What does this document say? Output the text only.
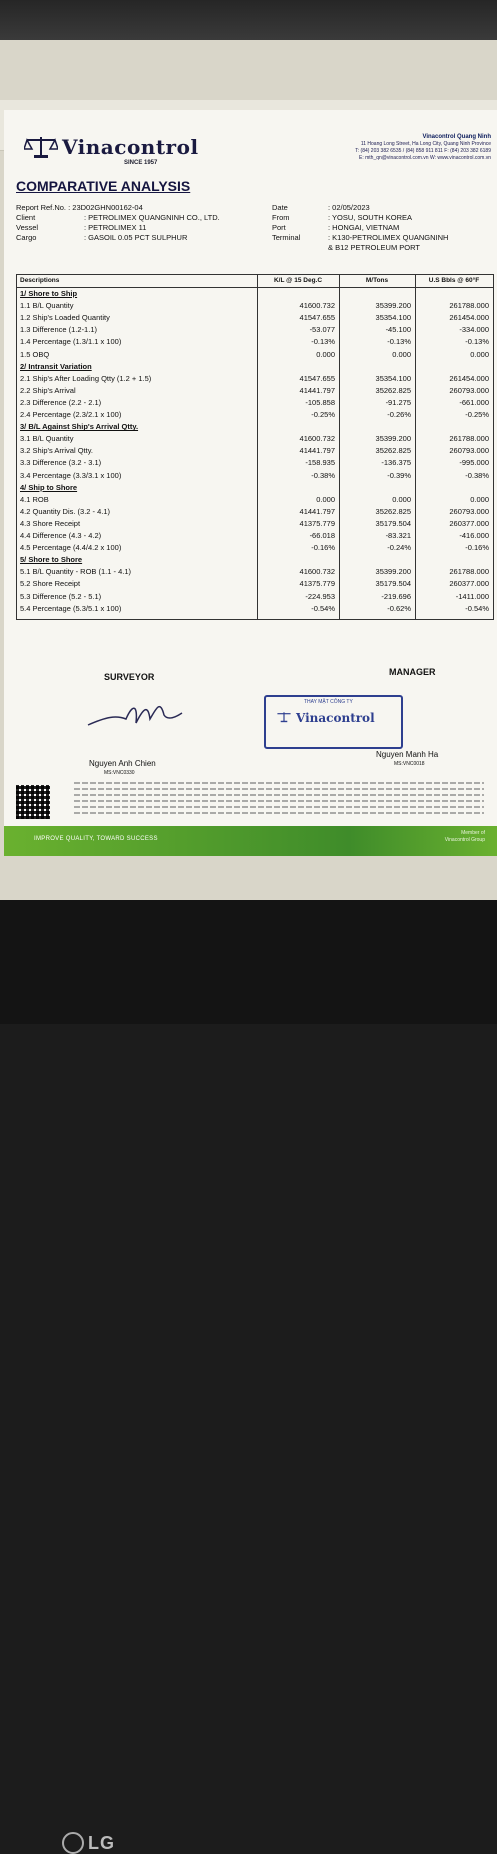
Vinacontrol
SINCE 1957
Vinacontrol Quang Ninh
11 Hoang Long Street, Ha Long City, Quang Ninh Province
T: (84) 203 382 6535 / (84) 858 911 811 F: (84) 203 382 6189
E: mth_qn@vinacontrol.com.vn W: www.vinacontrol.com.vn
COMPARATIVE ANALYSIS
Report Ref.No. : 23D02GHN00162-04
Client	: PETROLIMEX QUANGNINH CO., LTD.
Vessel	: PETROLIMEX 11
Cargo	: GASOIL 0.05 PCT SULPHUR
Date	: 02/05/2023
From	: YOSU, SOUTH KOREA
Port	: HONGAI, VIETNAM
Terminal	: K130-PETROLIMEX QUANGNINH
& B12 PETROLEUM PORT
Descriptions	K/L @ 15 Deg.C	M/Tons	U.S Bbls @ 60°F
1/ Shore to Ship
1.1 B/L Quantity	41600.732	35399.200	261788.000
1.2 Ship's Loaded Quantity	41547.655	35354.100	261454.000
1.3 Difference (1.2-1.1)	-53.077	-45.100	-334.000
1.4 Percentage (1.3/1.1 x 100)	-0.13%	-0.13%	-0.13%
1.5 OBQ	0.000	0.000	0.000
2/ Intransit Variation
2.1 Ship's After Loading Qtty (1.2 + 1.5)	41547.655	35354.100	261454.000
2.2 Ship's Arrival	41441.797	35262.825	260793.000
2.3 Difference (2.2 - 2.1)	-105.858	-91.275	-661.000
2.4 Percentage (2.3/2.1 x 100)	-0.25%	-0.26%	-0.25%
3/ B/L Against Ship's Arrival Qtty.
3.1 B/L Quantity	41600.732	35399.200	261788.000
3.2 Ship's Arrival Qtty.	41441.797	35262.825	260793.000
3.3 Difference (3.2 - 3.1)	-158.935	-136.375	-995.000
3.4 Percentage (3.3/3.1 x 100)	-0.38%	-0.39%	-0.38%
4/ Ship to Shore
4.1 ROB	0.000	0.000	0.000
4.2 Quantity Dis. (3.2 - 4.1)	41441.797	35262.825	260793.000
4.3 Shore Receipt	41375.779	35179.504	260377.000
4.4 Difference (4.3 - 4.2)	-66.018	-83.321	-416.000
4.5 Percentage (4.4/4.2 x 100)	-0.16%	-0.24%	-0.16%
5/ Shore to Shore
5.1 B/L Quantity - ROB (1.1 - 4.1)	41600.732	35399.200	261788.000
5.2 Shore Receipt	41375.779	35179.504	260377.000
5.3 Difference (5.2 - 5.1)	-224.953	-219.696	-1411.000
5.4 Percentage (5.3/5.1 x 100)	-0.54%	-0.62%	-0.54%
SURVEYOR	MANAGER
THAY MẶT CÔNG TY
Vinacontrol
Nguyen Anh Chien
MS:VNC0330
Nguyen Manh Ha
MS:VNC0018
IMPROVE QUALITY, TOWARD SUCCESS
Member of
Vinacontrol Group
LG
